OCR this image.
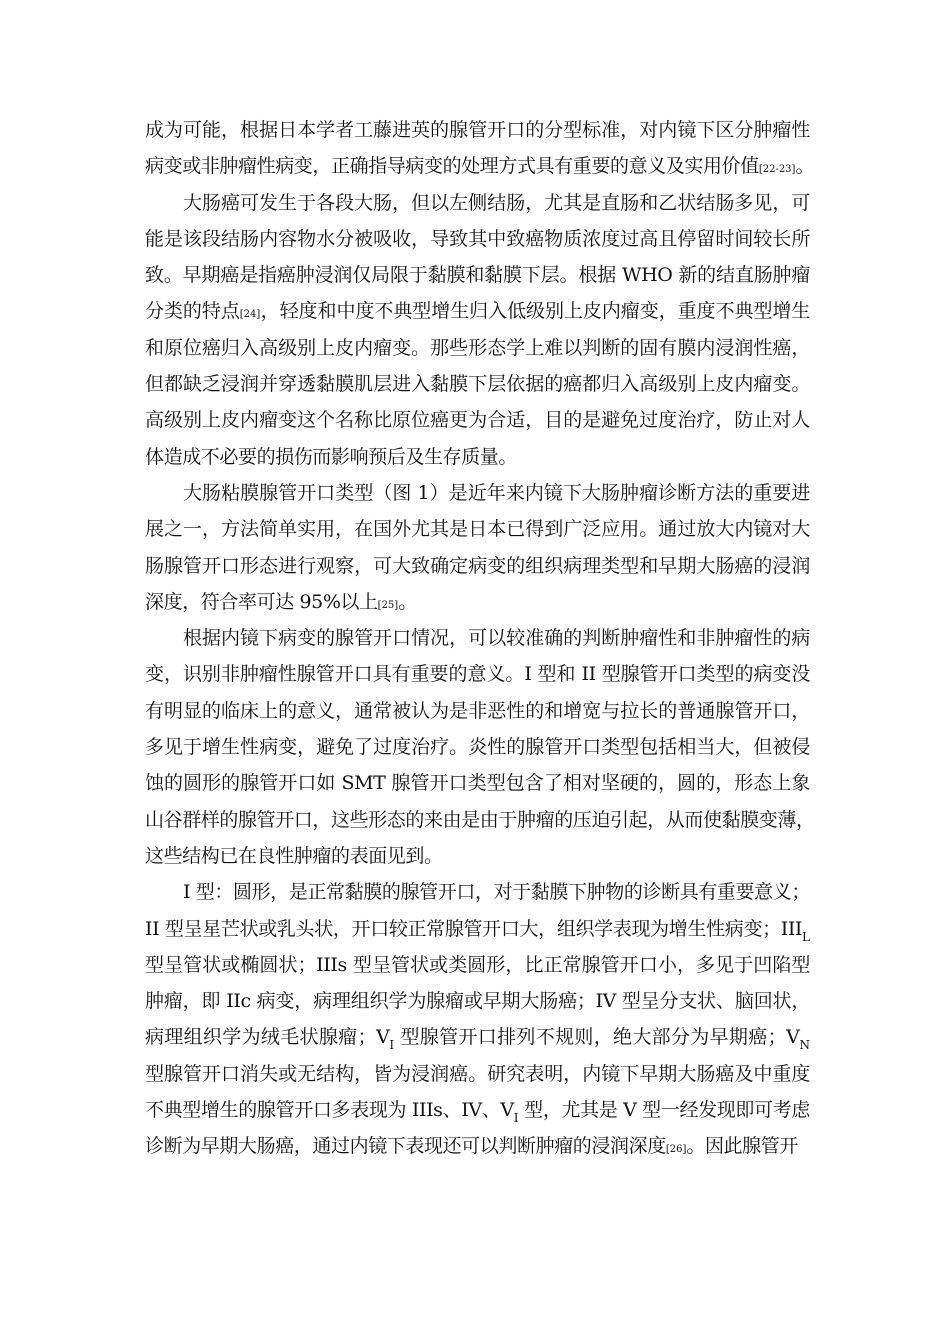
成为可能，根据日本学者工藤进英的腺管开口的分型标准，对内镜下区分肿瘤性
病变或非肿瘤性病变，正确指导病变的处理方式具有重要的意义及实用价值[22-23]。
大肠癌可发生于各段大肠，但以左侧结肠，尤其是直肠和乙状结肠多见，可
能是该段结肠内容物水分被吸收，导致其中致癌物质浓度过高且停留时间较长所
致。早期癌是指癌肿浸润仅局限于黏膜和黏膜下层。根据 WHO 新的结直肠肿瘤
分类的特点[24]，轻度和中度不典型增生归入低级别上皮内瘤变，重度不典型增生
和原位癌归入高级别上皮内瘤变。那些形态学上难以判断的固有膜内浸润性癌，
但都缺乏浸润并穿透黏膜肌层进入黏膜下层依据的癌都归入高级别上皮内瘤变。
高级别上皮内瘤变这个名称比原位癌更为合适，目的是避免过度治疗，防止对人
体造成不必要的损伤而影响预后及生存质量。
大肠粘膜腺管开口类型（图 1）是近年来内镜下大肠肿瘤诊断方法的重要进
展之一，方法简单实用，在国外尤其是日本已得到广泛应用。通过放大内镜对大
肠腺管开口形态进行观察，可大致确定病变的组织病理类型和早期大肠癌的浸润
深度，符合率可达 95%以上[25]。
根据内镜下病变的腺管开口情况，可以较准确的判断肿瘤性和非肿瘤性的病
变，识别非肿瘤性腺管开口具有重要的意义。I 型和 II 型腺管开口类型的病变没
有明显的临床上的意义，通常被认为是非恶性的和增宽与拉长的普通腺管开口，
多见于增生性病变，避免了过度治疗。炎性的腺管开口类型包括相当大，但被侵
蚀的圆形的腺管开口如 SMT 腺管开口类型包含了相对坚硬的，圆的，形态上象
山谷群样的腺管开口，这些形态的来由是由于肿瘤的压迫引起，从而使黏膜变薄，
这些结构已在良性肿瘤的表面见到。
I 型：圆形，是正常黏膜的腺管开口，对于黏膜下肿物的诊断具有重要意义；
II 型呈星芒状或乳头状，开口较正常腺管开口大，组织学表现为增生性病变；$III_L$
型呈管状或椭圆状；IIIs 型呈管状或类圆形，比正常腺管开口小，多见于凹陷型
肿瘤，即 IIc 病变，病理组织学为腺瘤或早期大肠癌；IV 型呈分支状、脑回状，
病理组织学为绒毛状腺瘤；$V_I$ 型腺管开口排列不规则，绝大部分为早期癌；$V_N$
型腺管开口消失或无结构，皆为浸润癌。研究表明，内镜下早期大肠癌及中重度
不典型增生的腺管开口多表现为 IIIs、IV、$V_I$ 型，尤其是 V 型一经发现即可考虑
诊断为早期大肠癌，通过内镜下表现还可以判断肿瘤的浸润深度[26]。因此腺管开
